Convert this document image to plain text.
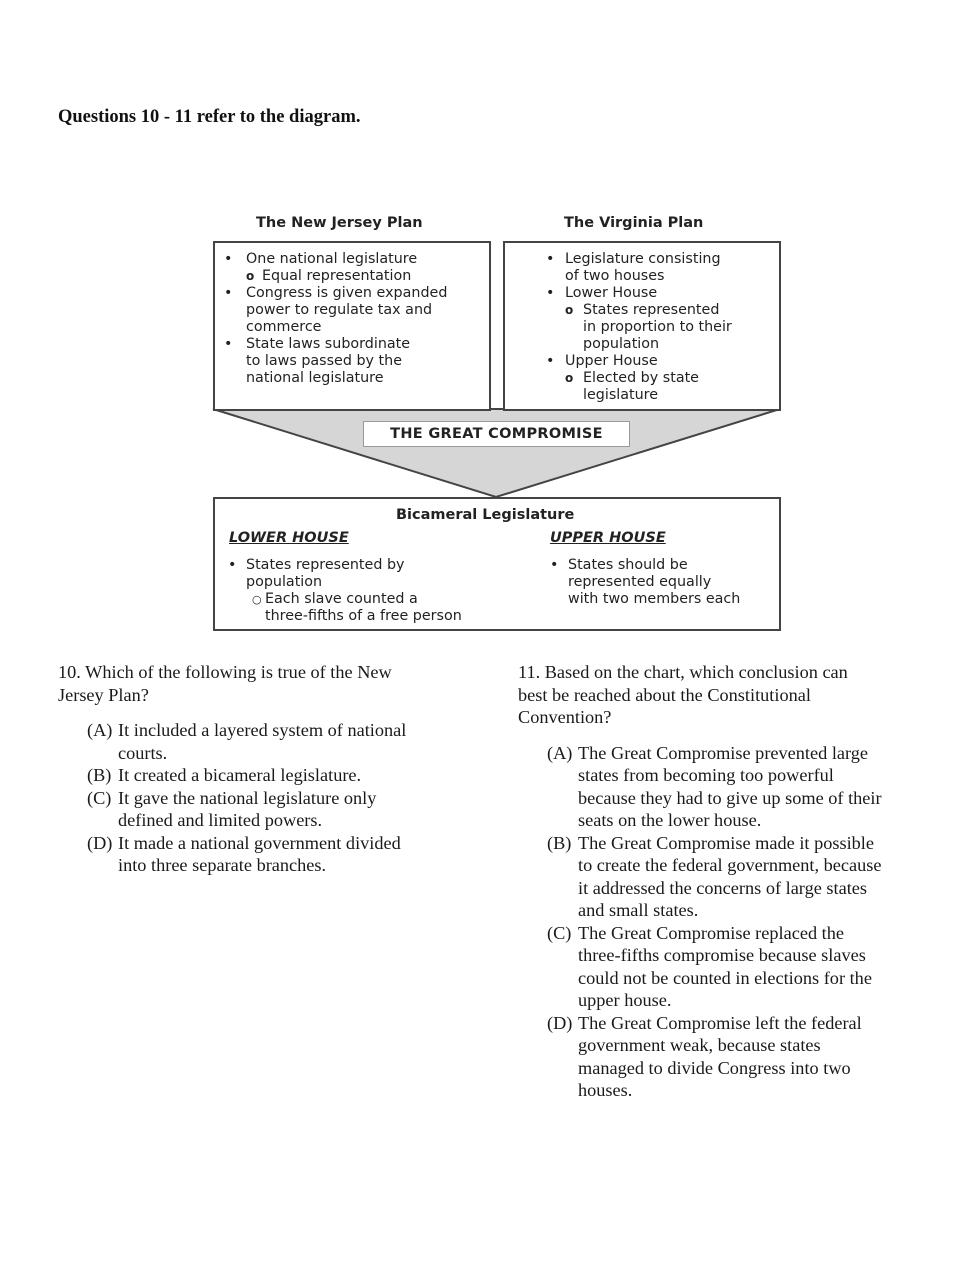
Questions 10 - 11 refer to the diagram.
The New Jersey Plan	The Virginia Plan
• One national legislature
o Equal representation
• Congress is given expanded
power to regulate tax and
commerce
• State laws subordinate
to laws passed by the
national legislature
• Legislature consisting
of two houses
• Lower House
o States represented
in proportion to their
population
• Upper House
o Elected by state
legislature
THE GREAT COMPROMISE
Bicameral Legislature
LOWER HOUSE	UPPER HOUSE
•
○
States represented by
population
Each slave counted a
three-fifths of a free person
• States should be
represented equally
with two members each
10. Which of the following is true of the New
Jersey Plan?
(A) It included a layered system of national
courts.
(B) It created a bicameral legislature.
(C) It gave the national legislature only
defined and limited powers.
(D) It made a national government divided
into three separate branches.
11. Based on the chart, which conclusion can
best be reached about the Constitutional
Convention?
(A) The Great Compromise prevented large
states from becoming too powerful
because they had to give up some of their
seats on the lower house.
(B) The Great Compromise made it possible
to create the federal government, because
it addressed the concerns of large states
and small states.
(C) The Great Compromise replaced the
three-fifths compromise because slaves
could not be counted in elections for the
upper house.
(D) The Great Compromise left the federal
government weak, because states
managed to divide Congress into two
houses.
